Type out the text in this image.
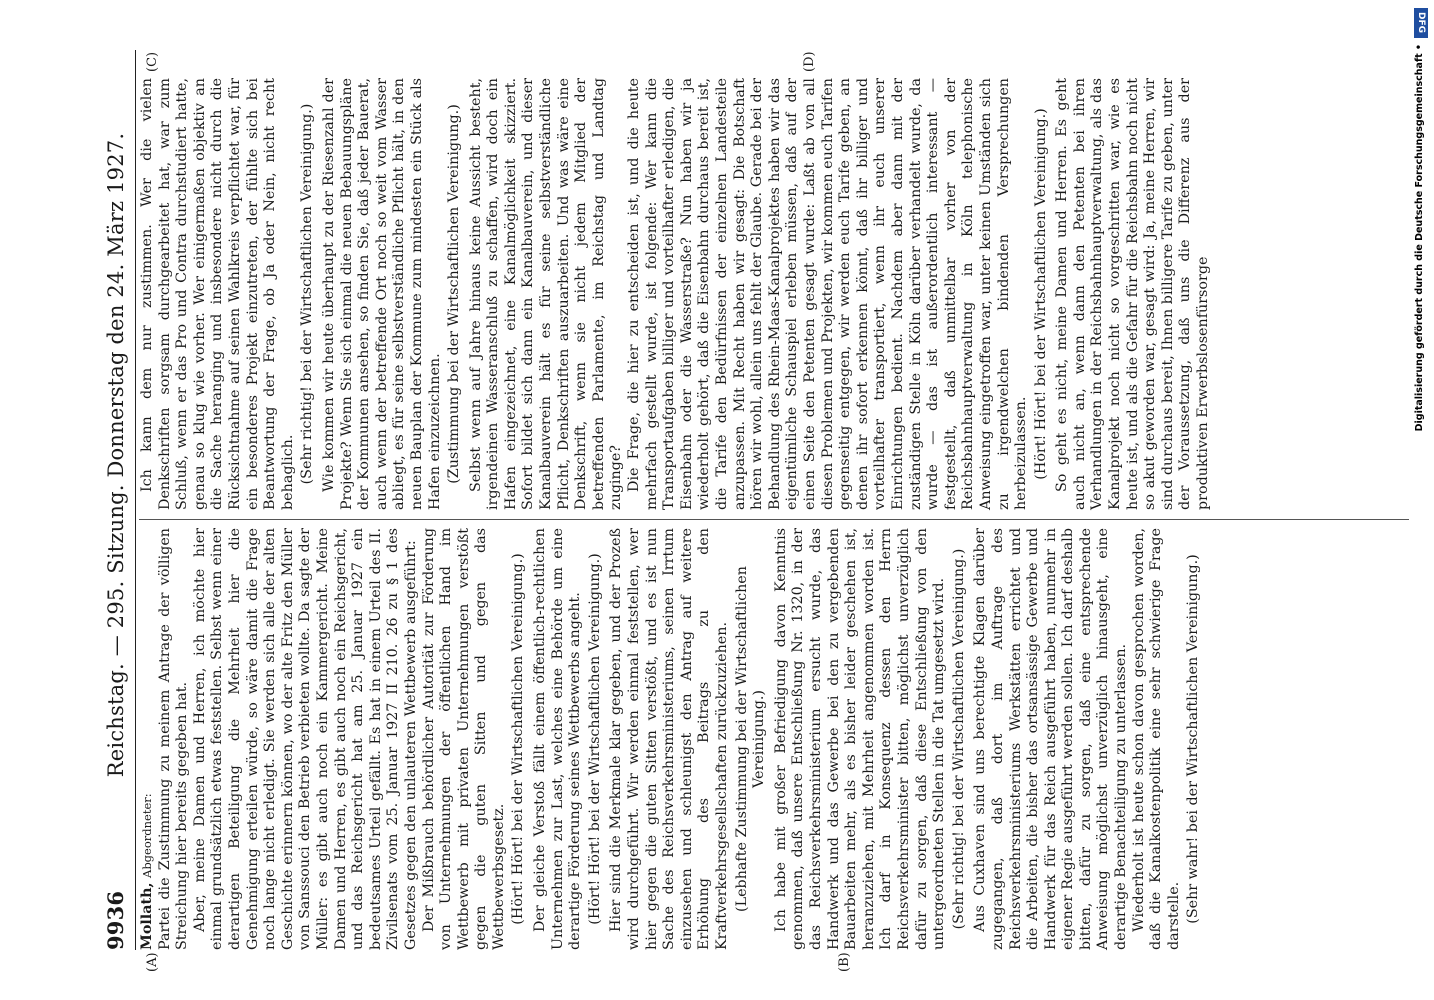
9936
Reichstag. — 295. Sitzung. Donnerstag den 24. März 1927.
(A)	(B)
(C)	(D)

Mollath, Abgeordneter: Partei die Zustimmung zu meinem Antrage der völligen Streichung hier bereits gegeben hat. Aber, meine Damen und Herren, ich möchte hier einmal grundsätzlich etwas feststellen. Selbst wenn einer derartigen Beteiligung die Mehrheit hier die Genehmigung erteilen würde, so wäre damit die Frage noch lange nicht erledigt. Sie werden sich alle der alten Geschichte erinnern können, wo der alte Fritz den Müller von Sanssouci den Betrieb verbieten wollte. Da sagte der Müller: es gibt auch noch ein Kammergericht. Meine Damen und Herren, es gibt auch noch ein Reichsgericht, und das Reichsgericht hat am 25. Januar 1927 ein bedeutsames Urteil gefällt. Es hat in einem Urteil des II. Zivilsenats vom 25. Januar 1927 II 210. 26 zu § 1 des Gesetzes gegen den unlauteren Wettbewerb ausgeführt: Der Mißbrauch behördlicher Autorität zur Förderung von Unternehmungen der öffentlichen Hand im Wettbewerb mit privaten Unternehmungen verstößt gegen die guten Sitten und gegen das Wettbewerbsgesetz. (Hört! Hört! bei der Wirtschaftlichen Vereinigung.) Der gleiche Verstoß fällt einem öffentlich-rechtlichen Unternehmen zur Last, welches eine Behörde um eine derartige Förderung seines Wettbewerbs angeht. (Hört! Hört! bei der Wirtschaftlichen Vereinigung.) Hier sind die Merkmale klar gegeben, und der Prozeß wird durchgeführt. Wir werden einmal feststellen, wer hier gegen die guten Sitten verstößt, und es ist nun Sache des Reichsverkehrsministeriums, seinen Irrtum einzusehen und schleunigst den Antrag auf weitere Erhöhung des Beitrags zu den Kraftverkehrsgesellschaften zurückzuziehen. (Lebhafte Zustimmung bei der Wirtschaftlichen Vereinigung.) Ich habe mit großer Befriedigung davon Kenntnis genommen, daß unsere Entschließung Nr. 1320, in der das Reichsverkehrsministerium ersucht wurde, das Handwerk und das Gewerbe bei den zu vergebenden Bauarbeiten mehr, als es bisher leider geschehen ist, heranzuziehen, mit Mehrheit angenommen worden ist. Ich darf in Konsequenz dessen den Herrn Reichsverkehrsminister bitten, möglichst unverzüglich dafür zu sorgen, daß diese Entschließung von den untergeordneten Stellen in die Tat umgesetzt wird. (Sehr richtig! bei der Wirtschaftlichen Vereinigung.) Aus Cuxhaven sind uns berechtigte Klagen darüber zugegangen, daß dort im Auftrage des Reichsverkehrsministeriums Werkstätten errichtet und die Arbeiten, die bisher das ortsansässige Gewerbe und Handwerk für das Reich ausgeführt haben, nunmehr in eigener Regie ausgeführt werden sollen. Ich darf deshalb bitten, dafür zu sorgen, daß eine entsprechende Anweisung möglichst unverzüglich hinausgeht, eine derartige Benachteiligung zu unterlassen. Wiederholt ist heute schon davon gesprochen worden, daß die Kanalkostenpolitik eine sehr schwierige Frage darstelle. (Sehr wahr! bei der Wirtschaftlichen Vereinigung.)

Ich kann dem nur zustimmen. Wer die vielen Denkschriften sorgsam durchgearbeitet hat, war zum Schluß, wenn er das Pro und Contra durchstudiert hatte, genau so klug wie vorher. Wer einigermaßen objektiv an die Sache heranging und insbesondere nicht durch die Rücksichtnahme auf seinen Wahlkreis verpflichtet war, für ein besonderes Projekt einzutreten, der fühlte sich bei Beantwortung der Frage, ob Ja oder Nein, nicht recht behaglich. (Sehr richtig! bei der Wirtschaftlichen Vereinigung.) Wie kommen wir heute überhaupt zu der Riesenzahl der Projekte? Wenn Sie sich einmal die neuen Bebauungspläne der Kommunen ansehen, so finden Sie, daß jeder Bauerat, auch wenn der betreffende Ort noch so weit vom Wasser abliegt, es für seine selbstverständliche Pflicht hält, in den neuen Bauplan der Kommune zum mindesten ein Stück als Hafen einzuzeichnen. (Zustimmung bei der Wirtschaftlichen Vereinigung.) Selbst wenn auf Jahre hinaus keine Aussicht besteht, irgendeinen Wasseranschluß zu schaffen, wird doch ein Hafen eingezeichnet, eine Kanalmöglichkeit skizziert. Sofort bildet sich dann ein Kanalbauverein, und dieser Kanalbauverein hält es für seine selbstverständliche Pflicht, Denkschriften auszuarbeiten. Und was wäre eine Denkschrift, wenn sie nicht jedem Mitglied der betreffenden Parlamente, im Reichstag und Landtag zuginge? Die Frage, die hier zu entscheiden ist, und die heute mehrfach gestellt wurde, ist folgende: Wer kann die Transportaufgaben billiger und vorteilhafter erledigen, die Eisenbahn oder die Wasserstraße? Nun haben wir ja wiederholt gehört, daß die Eisenbahn durchaus bereit ist, die Tarife den Bedürfnissen der einzelnen Landesteile anzupassen. Mit Recht haben wir gesagt: Die Botschaft hören wir wohl, allein uns fehlt der Glaube. Gerade bei der Behandlung des Rhein-Maas-Kanalprojektes haben wir das eigentümliche Schauspiel erleben müssen, daß auf der einen Seite den Petenten gesagt wurde: Laßt ab von all diesen Problemen und Projekten, wir kommen euch Tarifen gegenseitig entgegen, wir werden euch Tarife geben, an denen ihr sofort erkennen könnt, daß ihr billiger und vorteilhafter transportiert, wenn ihr euch unserer Einrichtungen bedient. Nachdem aber dann mit der zuständigen Stelle in Köln darüber verhandelt wurde, da wurde — das ist außerordentlich interessant — festgestellt, daß unmittelbar vorher von der Reichsbahnhauptverwaltung in Köln telephonische Anweisung eingetroffen war, unter keinen Umständen sich zu irgendwelchen bindenden Versprechungen herbeizulassen. (Hört! Hört! bei der Wirtschaftlichen Vereinigung.) So geht es nicht, meine Damen und Herren. Es geht auch nicht an, wenn dann den Petenten bei ihren Verhandlungen in der Reichsbahnhauptverwaltung, als das Kanalprojekt noch nicht so vorgeschritten war, wie es heute ist, und als die Gefahr für die Reichsbahn noch nicht so akut geworden war, gesagt wird: Ja, meine Herren, wir sind durchaus bereit, Ihnen billigere Tarife zu geben, unter der Voraussetzung, daß uns die Differenz aus der produktiven Erwerbslosenfürsorge

DFG
Digitalisierung gefördert durch die Deutsche Forschungsgemeinschaft •
